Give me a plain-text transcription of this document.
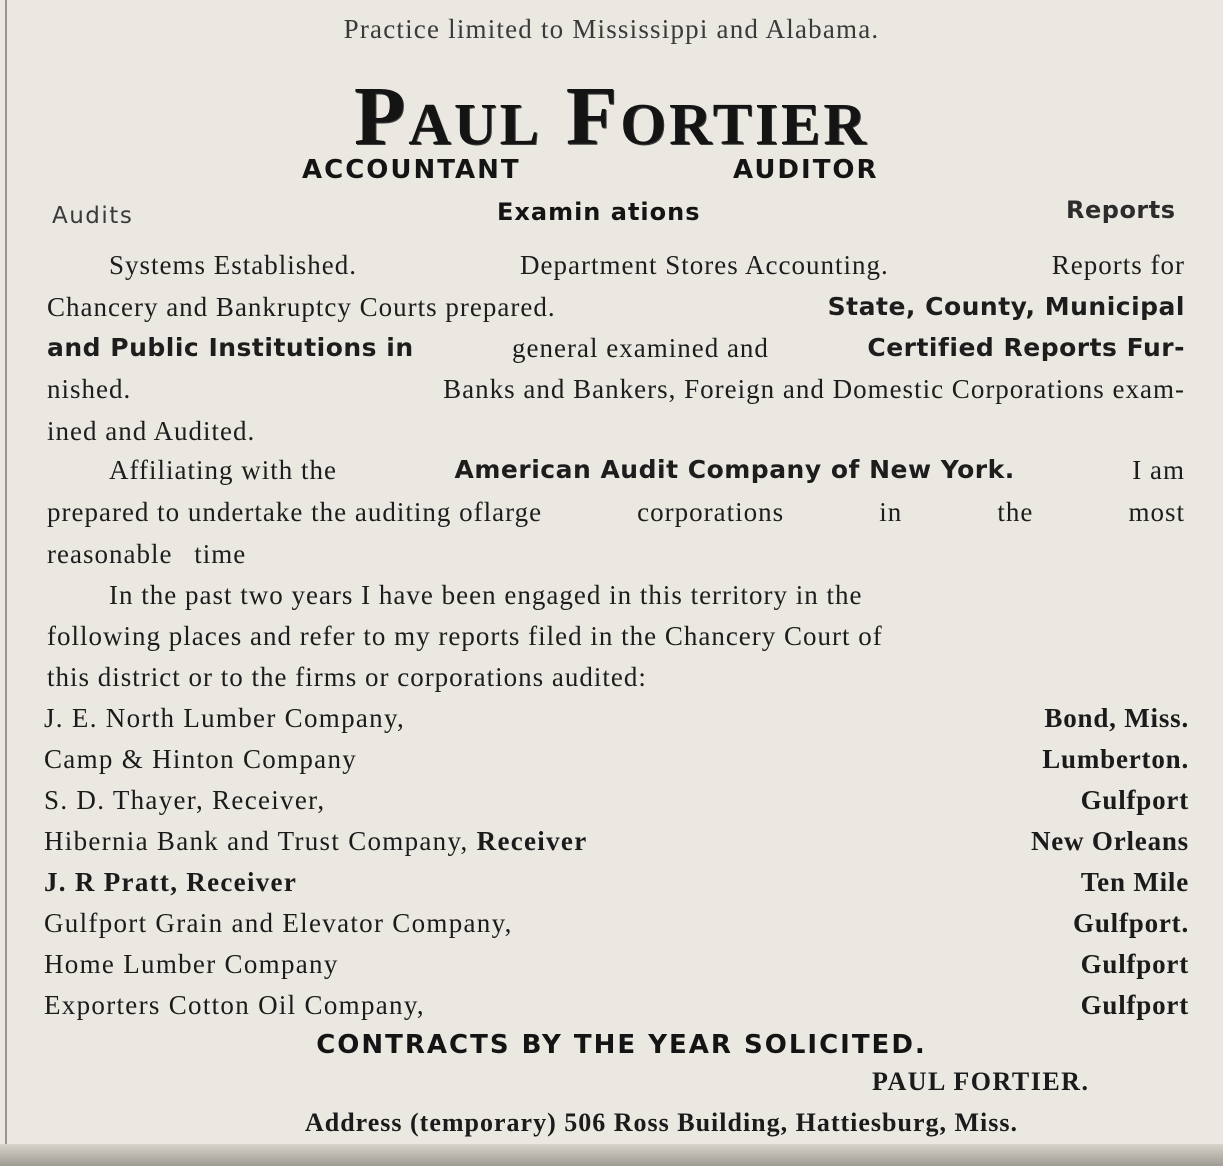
Practice limited to Mississippi and Alabama.
Paul Fortier
ACCOUNTANT	AUDITOR
Audits	Examin ations	Reports
Systems Established.	Department Stores Accounting.	Reports for
Chancery and Bankruptcy Courts prepared.	State, County, Municipal
and Public Institutions in	general examined and	Certified Reports Fur-
nished.	Banks and Bankers, Foreign and Domestic Corporations exam-
ined and Audited.
Affiliating with the	American Audit Company of New York.	I am
prepared to undertake the auditing oflarge	corporations	in	the	most
reasonable time
In the past two years I have been engaged in this territory in the
following places and refer to my reports filed in the Chancery Court of
this district or to the firms or corporations audited:
J. E. North Lumber Company,	Bond, Miss.
Camp & Hinton Company	Lumberton.
S. D. Thayer, Receiver,	Gulfport
Hibernia Bank and Trust Company, Receiver	New Orleans
J. R Pratt, Receiver	Ten Mile
Gulfport Grain and Elevator Company,	Gulfport.
Home Lumber Company	Gulfport
Exporters Cotton Oil Company,	Gulfport
CONTRACTS BY THE YEAR SOLICITED.
PAUL FORTIER.
Address (temporary) 506 Ross Building, Hattiesburg, Miss.
